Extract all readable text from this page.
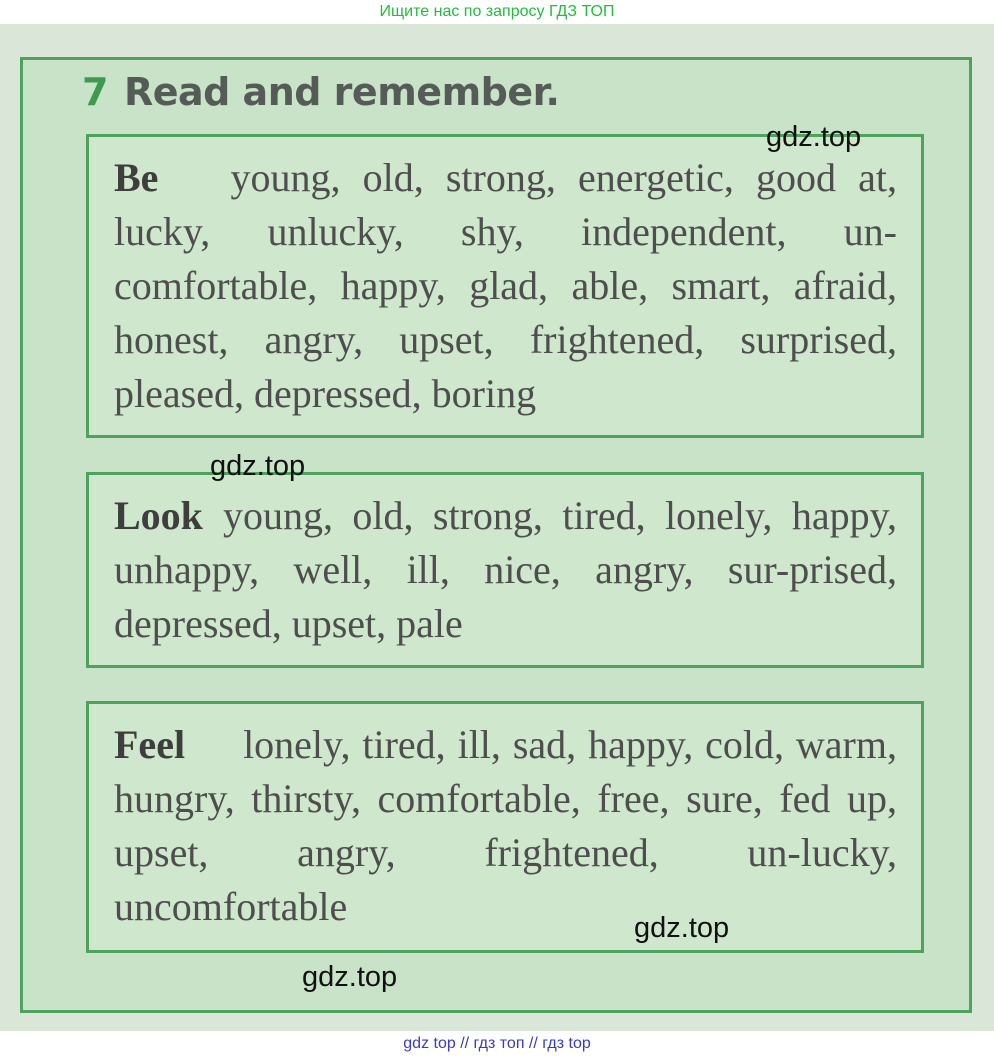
Ищите нас по запросу ГДЗ ТОП
7 Read and remember.
Be young, old, strong, energetic, good at, lucky, unlucky, shy, independent, un-comfortable, happy, glad, able, smart, afraid, honest, angry, upset, frightened, surprised, pleased, depressed, boring
Look young, old, strong, tired, lonely, happy, unhappy, well, ill, nice, angry, sur-prised, depressed, upset, pale
Feel lonely, tired, ill, sad, happy, cold, warm, hungry, thirsty, comfortable, free, sure, fed up, upset, angry, frightened, un-lucky, uncomfortable
gdz.top
gdz.top
gdz.top
gdz.top
gdz top // гдз топ // гдз top
